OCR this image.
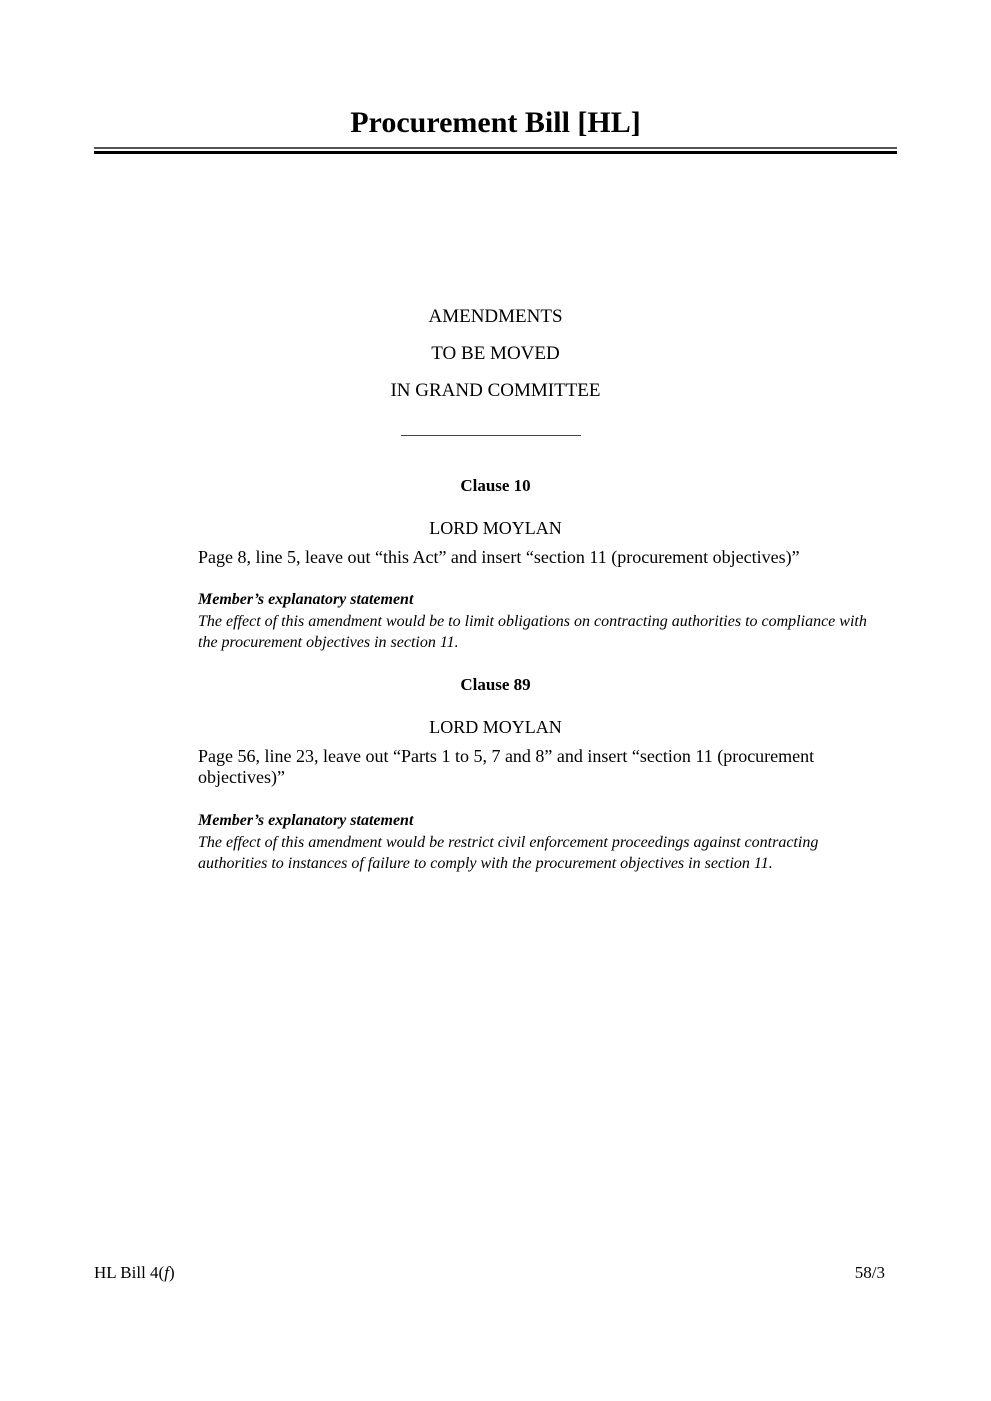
Procurement Bill [HL]
AMENDMENTS
TO BE MOVED
IN GRAND COMMITTEE
Clause 10
LORD MOYLAN
Page 8, line 5, leave out “this Act” and insert “section 11 (procurement objectives)”
Member’s explanatory statement
The effect of this amendment would be to limit obligations on contracting authorities to compliance with the procurement objectives in section 11.
Clause 89
LORD MOYLAN
Page 56, line 23, leave out “Parts 1 to 5, 7 and 8” and insert “section 11 (procurement objectives)”
Member’s explanatory statement
The effect of this amendment would be restrict civil enforcement proceedings against contracting authorities to instances of failure to comply with the procurement objectives in section 11.
HL Bill 4(f)	58/3
